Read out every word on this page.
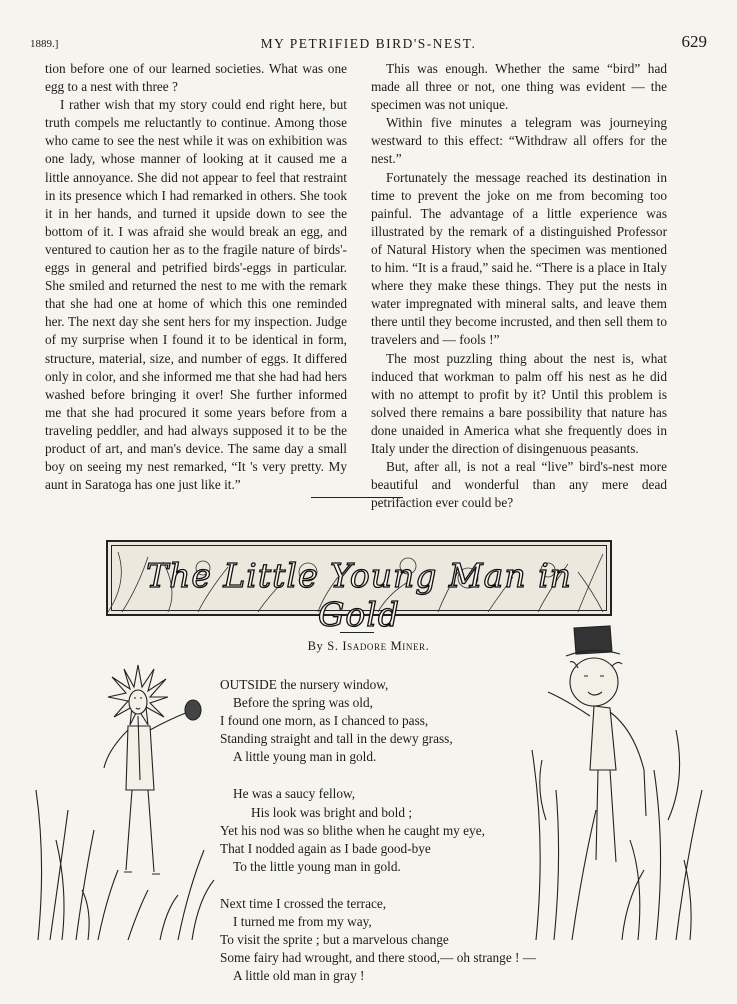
1889.]	MY PETRIFIED BIRD'S-NEST.	629

tion before one of our learned societies. What was one egg to a nest with three ?

I rather wish that my story could end right here, but truth compels me reluctantly to continue. Among those who came to see the nest while it was on exhibition was one lady, whose manner of looking at it caused me a little annoyance. She did not appear to feel that restraint in its presence which I had remarked in others. She took it in her hands, and turned it upside down to see the bottom of it. I was afraid she would break an egg, and ventured to caution her as to the fragile nature of birds'-eggs in general and petrified birds'-eggs in particular. She smiled and returned the nest to me with the remark that she had one at home of which this one reminded her. The next day she sent hers for my inspection. Judge of my surprise when I found it to be identical in form, structure, material, size, and number of eggs. It differed only in color, and she informed me that she had had hers washed before bringing it over! She further informed me that she had procured it some years before from a traveling peddler, and had always supposed it to be the product of art, and man's device. The same day a small boy on seeing my nest remarked, “It 's very pretty. My aunt in Saratoga has one just like it.”

This was enough. Whether the same “bird” had made all three or not, one thing was evident — the specimen was not unique.

Within five minutes a telegram was journeying westward to this effect: “Withdraw all offers for the nest.”

Fortunately the message reached its destination in time to prevent the joke on me from becoming too painful. The advantage of a little experience was illustrated by the remark of a distinguished Professor of Natural History when the specimen was mentioned to him. “It is a fraud,” said he. “There is a place in Italy where they make these things. They put the nests in water impregnated with mineral salts, and leave them there until they become incrusted, and then sell them to travelers and — fools !”

The most puzzling thing about the nest is, what induced that workman to palm off his nest as he did with no attempt to profit by it? Until this problem is solved there remains a bare possibility that nature has done unaided in America what she frequently does in Italy under the direction of disingenuous peasants.

But, after all, is not a real “live” bird's-nest more beautiful and wonderful than any mere dead petrifaction ever could be?

The Little Young Man in Gold
By S. Isadore Miner.
OUTSIDE the nursery window,
Before the spring was old,
I found one morn, as I chanced to pass,
Standing straight and tall in the dewy grass,
A little young man in gold.
He was a saucy fellow,
His look was bright and bold ;
Yet his nod was so blithe when he caught my eye,
That I nodded again as I bade good-bye
To the little young man in gold.
Next time I crossed the terrace,
I turned me from my way,
To visit the sprite ; but a marvelous change
Some fairy had wrought, and there stood,— oh strange ! —
A little old man in gray !
